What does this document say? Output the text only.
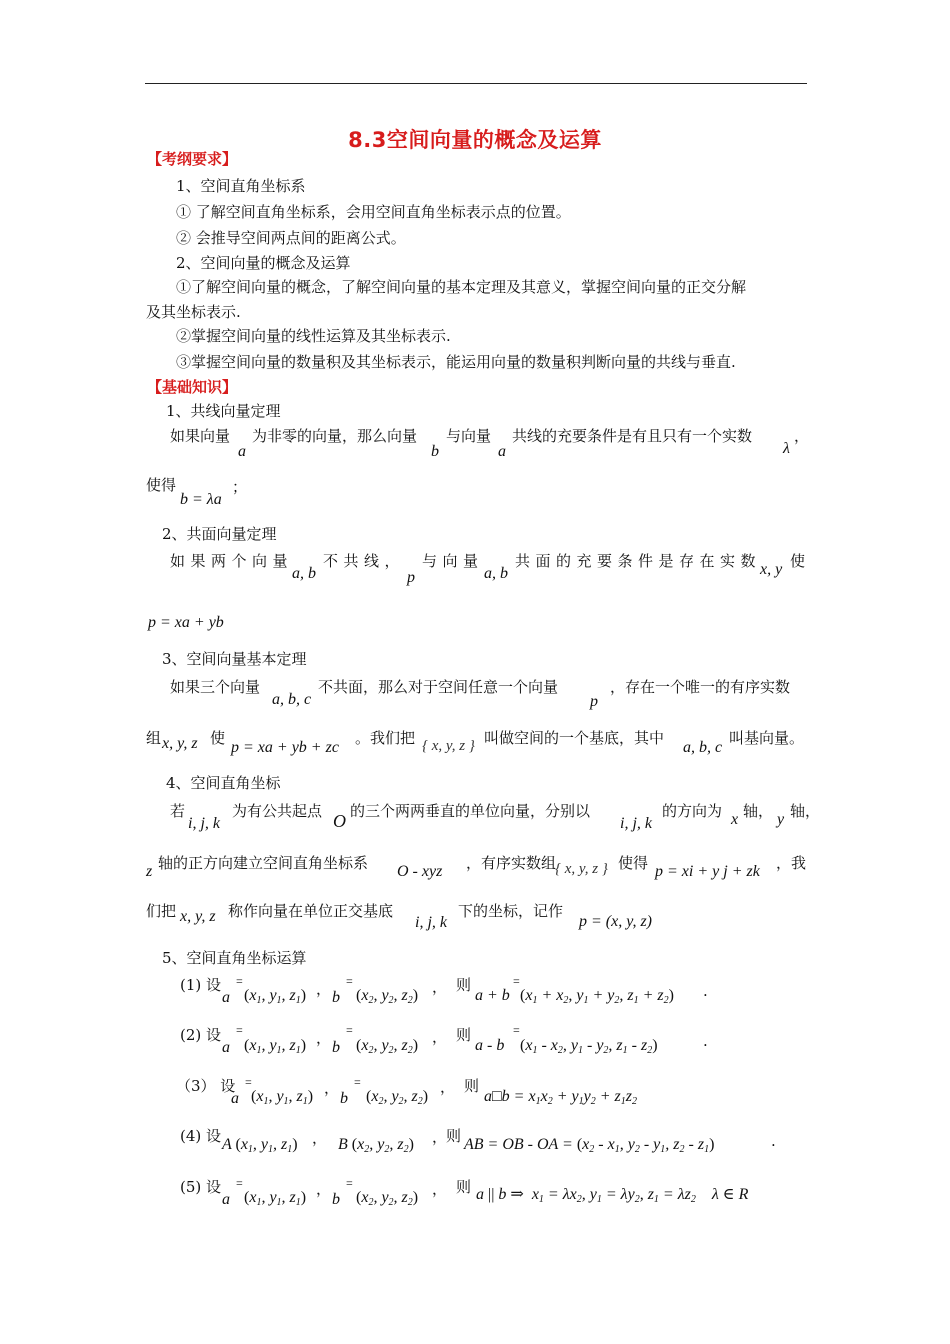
8.3空间向量的概念及运算
【考纲要求】
1、空间直角坐标系
① 了解空间直角坐标系，会用空间直角坐标表示点的位置。
② 会推导空间两点间的距离公式。
2、空间向量的概念及运算
①了解空间向量的概念，了解空间向量的基本定理及其意义，掌握空间向量的正交分解
及其坐标表示.
②掌握空间向量的线性运算及其坐标表示.
③掌握空间向量的数量积及其坐标表示，能运用向量的数量积判断向量的共线与垂直.
【基础知识】
1、共线向量定理
如果向量
a
为非零的向量，那么向量
b
与向量
a
共线的充要条件是有且只有一个实数
λ
，
使得
b = λa
；
2、共面向量定理
如果两个向量
a, b
不共线，
p
与向量
a, b
共面的充要条件是存在实数
x, y 使
p = xa + yb
3、空间向量基本定理
如果三个向量
a, b, c
不共面，那么对于空间任意一个向量
p
，存在一个唯一的有序实数
组 x, y, z 使
p = xa + yb + zc
。我们把 { x, y, z } 叫做空间的一个基底，其中
a, b, c
叫基向量。
4、空间直角坐标
若
i, j, k
为有公共起点 O 的三个两两垂直的单位向量，分别以
i, j, k
的方向为 x 轴， y 轴，
z 轴的正方向建立空间直角坐标系 O - xyz ，有序实数组
{ x, y, z } 使得 p = xi + y j + zk ，我
们把 x, y, z 称作向量在单位正交基底
i, j, k
下的坐标，记作
p = (x, y, z)
5、空间直角坐标运算
(1) 设
a
=
($x_1$, $y_1$, $z_1$) ， b
=
($x_2$, $y_2$, $z_2$) ， 则
a + b
=
($x_1 + x_2$, $y_1 + y_2$, $z_1 + z_2$) .
(2) 设
a
=
($x_1$, $y_1$, $z_1$) ，
b
=
($x_2$, $y_2$, $z_2$) ， 则
a - b
=
($x_1 - x_2$, $y_1 - y_2$, $z_1 - z_2$)	.
（3） 设
a
=
($x_1$, $y_1$, $z_1$) ，
b
=
($x_2$, $y_2$, $z_2$)
， 则
a□b = $x_1x_2 + y_1y_2 + z_1z_2$
(4) 设 A ($x_1$, $y_1$, $z_1$) ， B ($x_2$, $y_2$, $z_2$) ，
则 AB = OB - OA = ($x_2 - x_1$, $y_2 - y_1$, $z_2 - z_1$)	.
(5) 设
a
=
($x_1$, $y_1$, $z_1$) ，
b
=
($x_2$, $y_2$, $z_2$) ， 则 a || b ⇒  $x_1 = \lambda x_2$, $y_1 = \lambda y_2$, $z_1 = \lambda z_2$    λ ∈ R
